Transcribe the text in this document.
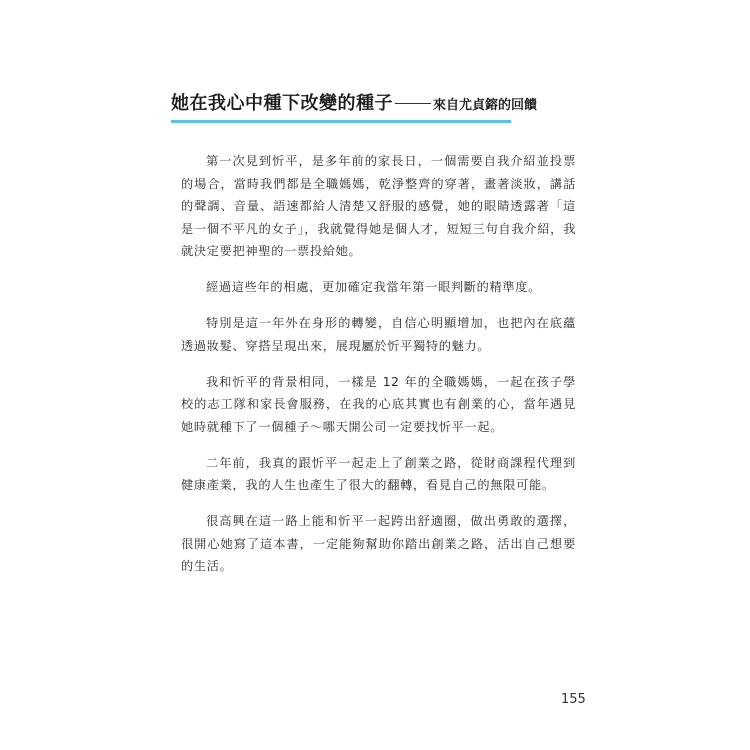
她在我心中種下改變的種子	來自尤貞鎔的回饋

第一次見到忻平，是多年前的家長日，一個需要自我介紹並投票的場合，當時我們都是全職媽媽，乾淨整齊的穿著，畫著淡妝，講話的聲調、音量、語速都給人清楚又舒服的感覺，她的眼睛透露著「這是一個不平凡的女子」，我就覺得她是個人才，短短三句自我介紹，我就決定要把神聖的一票投給她。

經過這些年的相處，更加確定我當年第一眼判斷的精準度。

特別是這一年外在身形的轉變，自信心明顯增加，也把內在底蘊透過妝髮、穿搭呈現出來，展現屬於忻平獨特的魅力。

我和忻平的背景相同，一樣是 12 年的全職媽媽，一起在孩子學校的志工隊和家長會服務，在我的心底其實也有創業的心，當年遇見她時就種下了一個種子～哪天開公司一定要找忻平一起。

二年前，我真的跟忻平一起走上了創業之路，從財商課程代理到健康產業，我的人生也產生了很大的翻轉，看見自己的無限可能。

很高興在這一路上能和忻平一起跨出舒適圈，做出勇敢的選擇，很開心她寫了這本書，一定能夠幫助你踏出創業之路，活出自己想要的生活。

155
